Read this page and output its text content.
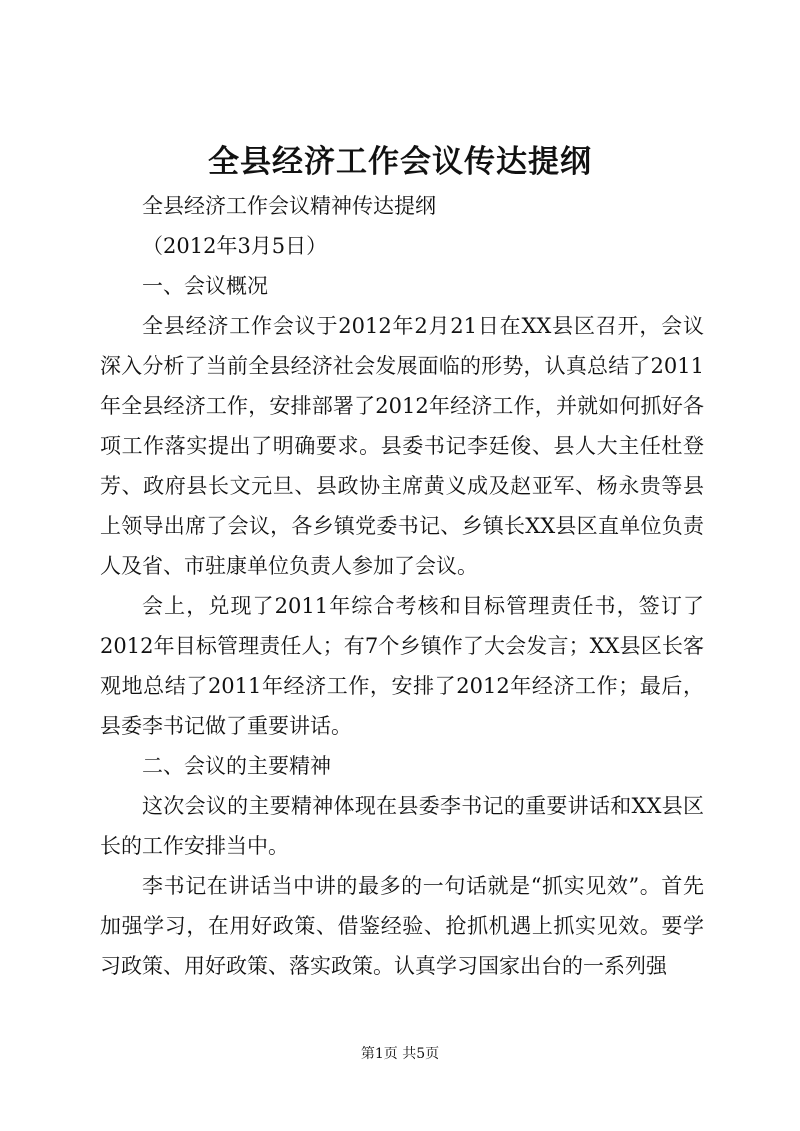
全县经济工作会议传达提纲

全县经济工作会议精神传达提纲

（2012年3月5日）

一、会议概况

全县经济工作会议于2012年2月21日在XX县区召开，会议深入分析了当前全县经济社会发展面临的形势，认真总结了2011年全县经济工作，安排部署了2012年经济工作，并就如何抓好各项工作落实提出了明确要求。县委书记李廷俊、县人大主任杜登芳、政府县长文元旦、县政协主席黄义成及赵亚军、杨永贵等县上领导出席了会议，各乡镇党委书记、乡镇长XX县区直单位负责人及省、市驻康单位负责人参加了会议。

会上，兑现了2011年综合考核和目标管理责任书，签订了2012年目标管理责任人；有7个乡镇作了大会发言；XX县区长客观地总结了2011年经济工作，安排了2012年经济工作；最后，县委李书记做了重要讲话。

二、会议的主要精神

这次会议的主要精神体现在县委李书记的重要讲话和XX县区长的工作安排当中。

李书记在讲话当中讲的最多的一句话就是“抓实见效”。首先加强学习，在用好政策、借鉴经验、抢抓机遇上抓实见效。要学习政策、用好政策、落实政策。认真学习国家出台的一系列强

第1页 共5页
